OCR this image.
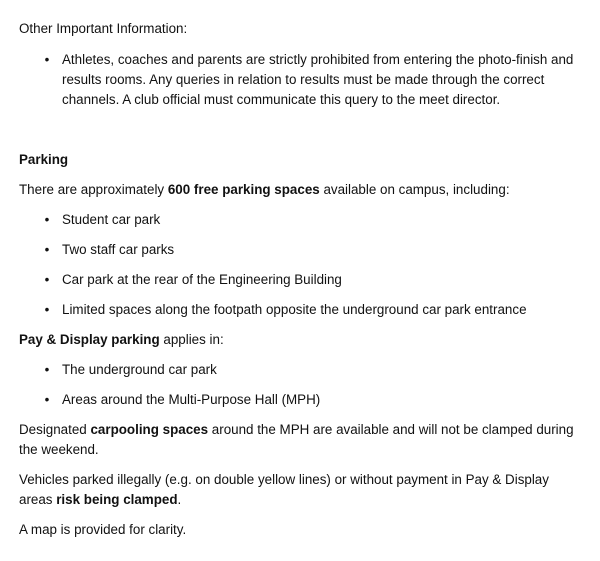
Other Important Information:
• Athletes, coaches and parents are strictly prohibited from entering the photo-finish and results rooms. Any queries in relation to results must be made through the correct channels. A club official must communicate this query to the meet director.
Parking
There are approximately 600 free parking spaces available on campus, including:
• Student car park
• Two staff car parks
• Car park at the rear of the Engineering Building
• Limited spaces along the footpath opposite the underground car park entrance
Pay & Display parking applies in:
• The underground car park
• Areas around the Multi-Purpose Hall (MPH)
Designated carpooling spaces around the MPH are available and will not be clamped during the weekend.
Vehicles parked illegally (e.g. on double yellow lines) or without payment in Pay & Display areas risk being clamped.
A map is provided for clarity.
